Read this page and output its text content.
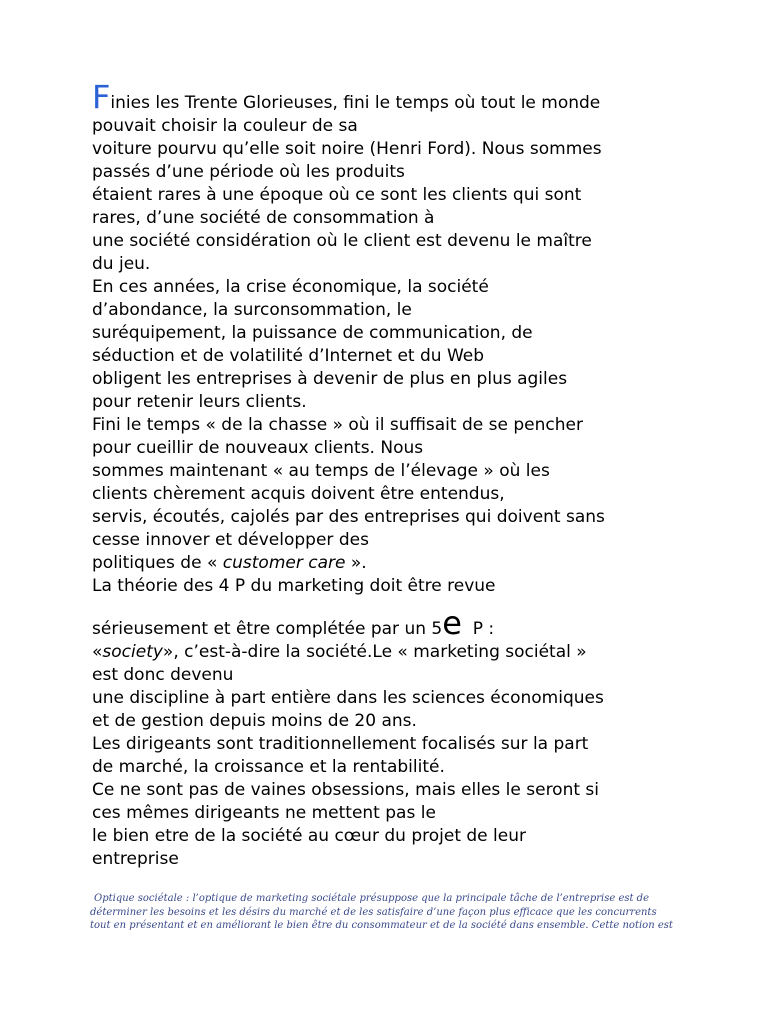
Finies les Trente Glorieuses, fini le temps où tout le monde
pouvait choisir la couleur de sa
voiture pourvu qu’elle soit noire (Henri Ford). Nous sommes
passés d’une période où les produits
étaient rares à une époque où ce sont les clients qui sont
rares, d’une société de consommation à
une société considération où le client est devenu le maître
du jeu.
En ces années, la crise économique, la société
d’abondance, la surconsommation, le
suréquipement, la puissance de communication, de
séduction et de volatilité d’Internet et du Web
obligent les entreprises à devenir de plus en plus agiles
pour retenir leurs clients.
Fini le temps « de la chasse » où il suffisait de se pencher
pour cueillir de nouveaux clients. Nous
sommes maintenant « au temps de l’élevage » où les
clients chèrement acquis doivent être entendus,
servis, écoutés, cajolés par des entreprises qui doivent sans
cesse innover et développer des
politiques de « customer care ».
La théorie des 4 P du marketing doit être revue
sérieusement et être complétée par un 5e P :
«society», c’est-à-dire la société.Le « marketing sociétal »
est donc devenu
une discipline à part entière dans les sciences économiques
et de gestion depuis moins de 20 ans.
Les dirigeants sont traditionnellement focalisés sur la part
de marché, la croissance et la rentabilité.
Ce ne sont pas de vaines obsessions, mais elles le seront si
ces mêmes dirigeants ne mettent pas le
le bien etre de la société au cœur du projet de leur
entreprise
Optique sociétale : l’optique de marketing sociétale présuppose que la principale tâche de l’entreprise est de
déterminer les besoins et les désirs du marché et de les satisfaire d’une façon plus efficace que les concurrents
tout en présentant et en améliorant le bien être du consommateur et de la société dans ensemble. Cette notion est
